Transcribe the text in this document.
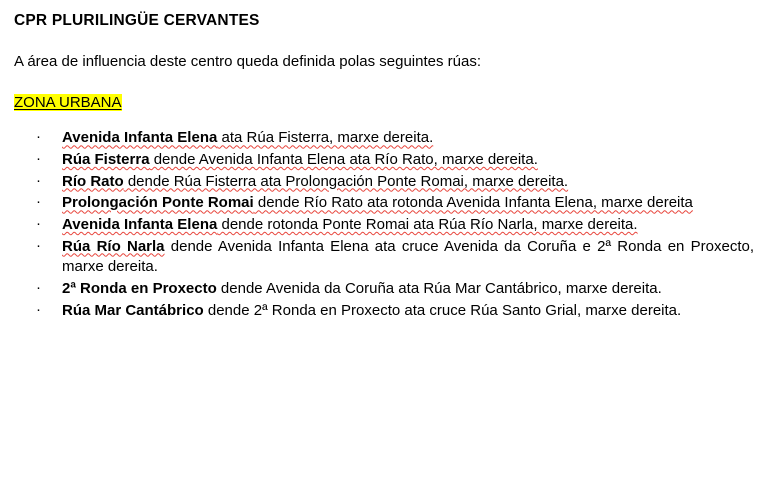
CPR PLURILINGÜE CERVANTES

A área de influencia deste centro queda definida polas seguintes rúas:

ZONA URBANA
· Avenida Infanta Elena ata Rúa Fisterra, marxe dereita.
· Rúa Fisterra dende Avenida Infanta Elena ata Río Rato, marxe dereita.
· Río Rato dende Rúa Fisterra ata Prolongación Ponte Romai, marxe dereita.
· Prolongación Ponte Romai dende Río Rato ata rotonda Avenida Infanta Elena, marxe dereita
· Avenida Infanta Elena dende rotonda Ponte Romai ata Rúa Río Narla, marxe dereita.
· Rúa Río Narla dende Avenida Infanta Elena ata cruce Avenida da Coruña e 2ª Ronda en Proxecto, marxe dereita.
· 2ª Ronda en Proxecto dende Avenida da Coruña ata Rúa Mar Cantábrico, marxe dereita.
· Rúa Mar Cantábrico dende 2ª Ronda en Proxecto ata cruce Rúa Santo Grial, marxe dereita.
